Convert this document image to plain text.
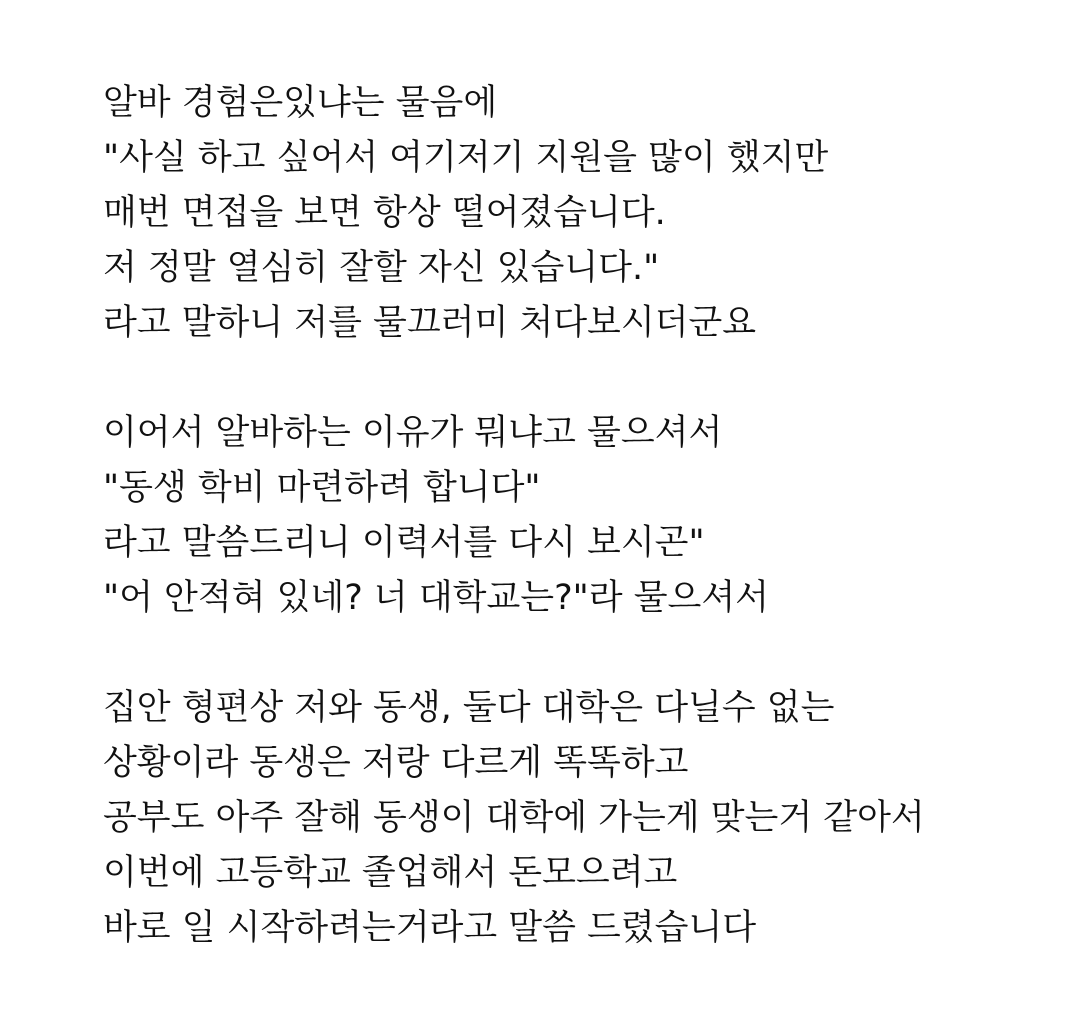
알바 경험은있냐는 물음에
"사실 하고 싶어서 여기저기 지원을 많이 했지만
매번 면접을 보면 항상 떨어졌습니다.
저 정말 열심히 잘할 자신 있습니다."
라고 말하니 저를 물끄러미 처다보시더군요

이어서 알바하는 이유가 뭐냐고 물으셔서
"동생 학비 마련하려 합니다"
라고 말씀드리니 이력서를 다시 보시곤"
"어 안적혀 있네? 너 대학교는?"라 물으셔서

집안 형편상 저와 동생, 둘다 대학은 다닐수 없는
상황이라 동생은 저랑 다르게 똑똑하고
공부도 아주 잘해 동생이 대학에 가는게 맞는거 같아서
이번에 고등학교 졸업해서 돈모으려고
바로 일 시작하려는거라고 말씀 드렸습니다
